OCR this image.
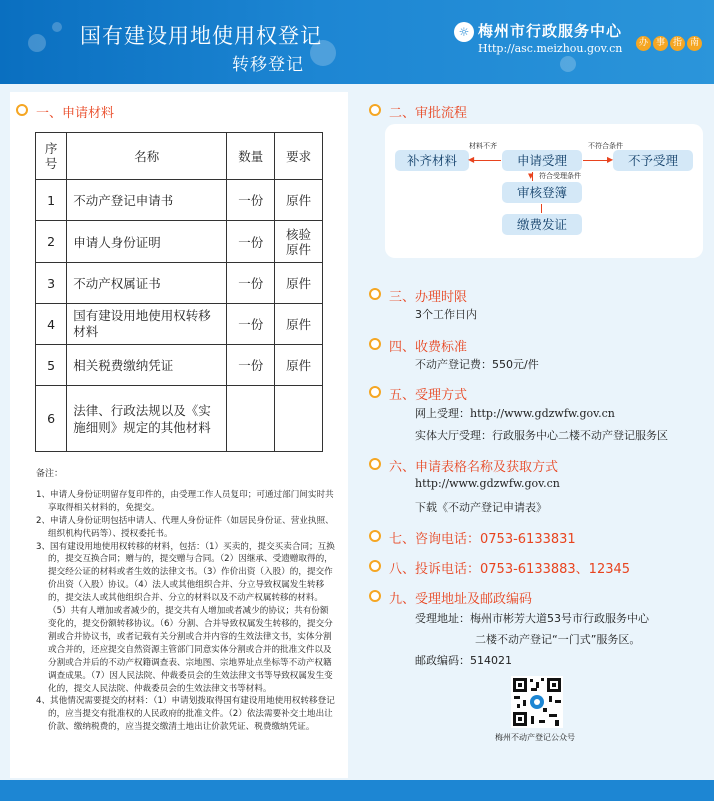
国有建设用地使用权登记
转移登记
☼ 梅州市行政服务中心
Http://asc.meizhou.gov.cn	办 事 指 南
一、申请材料
序号	名称	数量	要求
1	不动产登记申请书	一份	原件
2	申请人身份证明	一份	核验原件
3	不动产权属证书	一份	原件
4	国有建设用地使用权转移材料	一份	原件
5	相关税费缴纳凭证	一份	原件
6	法律、行政法规以及《实施细则》规定的其他材料		
备注：

1、申请人身份证明留存复印件的，由受理工作人员复印；可通过部门间实时共享取得相关材料的，免提交。

2、申请人身份证明包括申请人、代理人身份证件（如居民身份证、营业执照、组织机构代码等）、授权委托书。

3、国有建设用地使用权转移的材料，包括：（1）买卖的，提交买卖合同；互换的，提交互换合同；赠与的，提交赠与合同。（2）因继承、受遗赠取得的，提交经公证的材料或者生效的法律文书。（3）作价出资（入股）的，提交作价出资（入股）协议。（4）法人或其他组织合并、分立导致权属发生转移的，提交法人或其他组织合并、分立的材料以及不动产权属转移的材料。（5）共有人增加或者减少的，提交共有人增加或者减少的协议；共有份额变化的，提交份额转移协议。（6）分割、合并导致权属发生转移的，提交分割或合并协议书，或者记载有关分割或合并内容的生效法律文书，实体分割或合并的，还应提交自然资源主管部门同意实体分割或合并的批准文件以及分割或合并后的不动产权籍调查表、宗地图、宗地界址点坐标等不动产权籍调查成果。（7）因人民法院、仲裁委员会的生效法律文书等导致权属发生变化的，提交人民法院、仲裁委员会的生效法律文书等材料。

4、其他情况需要提交的材料：（1）申请划拨取得国有建设用地使用权转移登记的，应当提交有批准权的人民政府的批准文件。（2）依法需要补交土地出让价款、缴纳税费的，应当提交缴清土地出让价款凭证、税费缴纳凭证。

二、审批流程
补齐材料	申请受理	不予受理
审核登簿
缴费发证
材料不齐
◀
不符合条件
▶
▼ 符合受理条件
三、办理时限
3个工作日内
四、收费标准
不动产登记费：550元/件
五、受理方式
网上受理：http://www.gdzwfw.gov.cn
实体大厅受理：行政服务中心二楼不动产登记服务区
六、申请表格名称及获取方式
http://www.gdzwfw.gov.cn
下载《不动产登记申请表》
七、咨询电话：0753-6133831
八、投诉电话：0753-6133883、12345
九、受理地址及邮政编码
受理地址：梅州市彬芳大道53号市行政服务中心
二楼不动产登记“一门式”服务区。
邮政编码：514021
梅州不动产登记公众号
